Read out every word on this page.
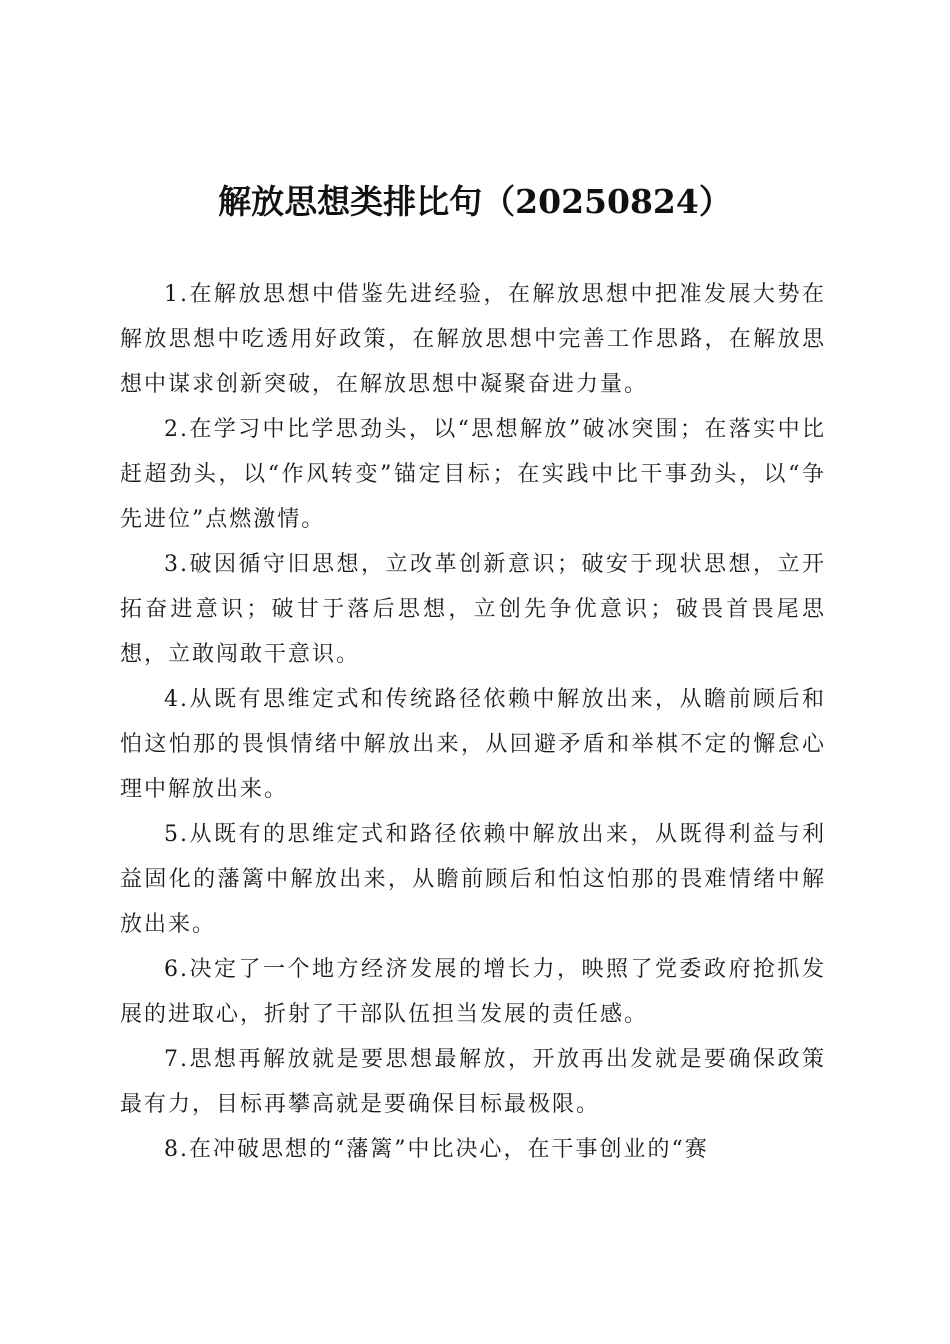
解放思想类排比句（20250824）

1.在解放思想中借鉴先进经验，在解放思想中把准发展大势在解放思想中吃透用好政策，在解放思想中完善工作思路，在解放思想中谋求创新突破，在解放思想中凝聚奋进力量。

2.在学习中比学思劲头，以“思想解放”破冰突围；在落实中比赶超劲头，以“作风转变”锚定目标；在实践中比干事劲头，以“争先进位”点燃激情。

3.破因循守旧思想，立改革创新意识；破安于现状思想，立开拓奋进意识；破甘于落后思想，立创先争优意识；破畏首畏尾思想，立敢闯敢干意识。

4.从既有思维定式和传统路径依赖中解放出来，从瞻前顾后和怕这怕那的畏惧情绪中解放出来，从回避矛盾和举棋不定的懈怠心理中解放出来。

5.从既有的思维定式和路径依赖中解放出来，从既得利益与利益固化的藩篱中解放出来，从瞻前顾后和怕这怕那的畏难情绪中解放出来。

6.决定了一个地方经济发展的增长力，映照了党委政府抢抓发展的进取心，折射了干部队伍担当发展的责任感。

7.思想再解放就是要思想最解放，开放再出发就是要确保政策最有力，目标再攀高就是要确保目标最极限。

8.在冲破思想的“藩篱”中比决心，在干事创业的“赛
